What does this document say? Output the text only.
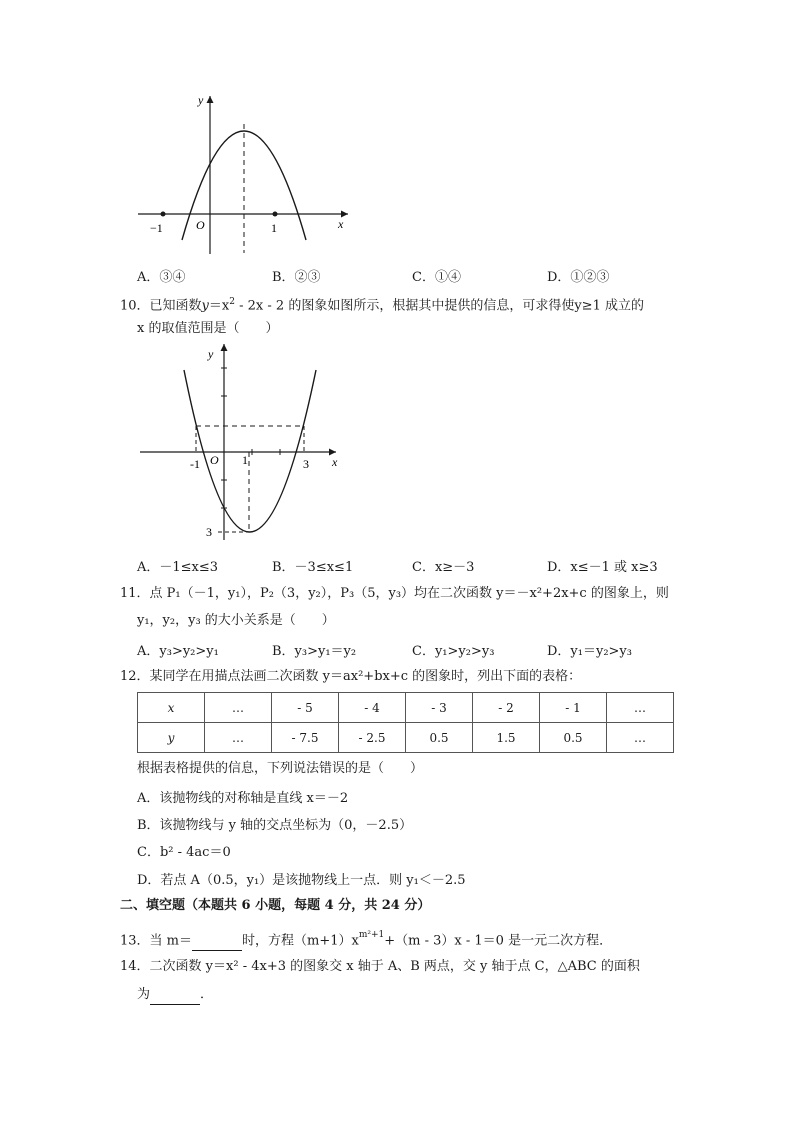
y
x
O
−1	1
A．③④	B．②③	C．①④	D．①②③
10．已知函数$y=x^2 - 2x - 2$ 的图象如图所示，根据其中提供的信息，可求得使y≥1 成立的
x 的取值范围是（　　）
y
x
O
-1	1	3
3
A．－1≤x≤3	B．－3≤x≤1	C．x≥－3	D．x≤－1 或 x≥3
11．点 P₁（－1，y₁），P₂（3，y₂），P₃（5，y₃）均在二次函数 y＝－x²+2x+c 的图象上，则
y₁，y₂，y₃ 的大小关系是（　　）
A．y₃>y₂>y₁	B．y₃>y₁＝y₂	C．y₁>y₂>y₃	D．y₁＝y₂>y₃
12．某同学在用描点法画二次函数 y＝ax²+bx+c 的图象时，列出下面的表格：
x	…	- 5	- 4	- 3	- 2	- 1	…
y	…	- 7.5	- 2.5	0.5	1.5	0.5	…
根据表格提供的信息，下列说法错误的是（　　）
A．该抛物线的对称轴是直线 x＝－2
B．该抛物线与 y 轴的交点坐标为（0，－2.5）
C．b² - 4ac＝0
D．若点 A（0.5，y₁）是该抛物线上一点．则 y₁＜－2.5
二、填空题（本题共 6 小题，每题 4 分，共 24 分）
13．当 m＝	时，方程$(m+1)x^{m^2+1}+(m - 3)x - 1=0$ 是一元二次方程．
14．二次函数 y＝x² - 4x+3 的图象交 x 轴于 A、B 两点，交 y 轴于点 C，△ABC 的面积
为	．
